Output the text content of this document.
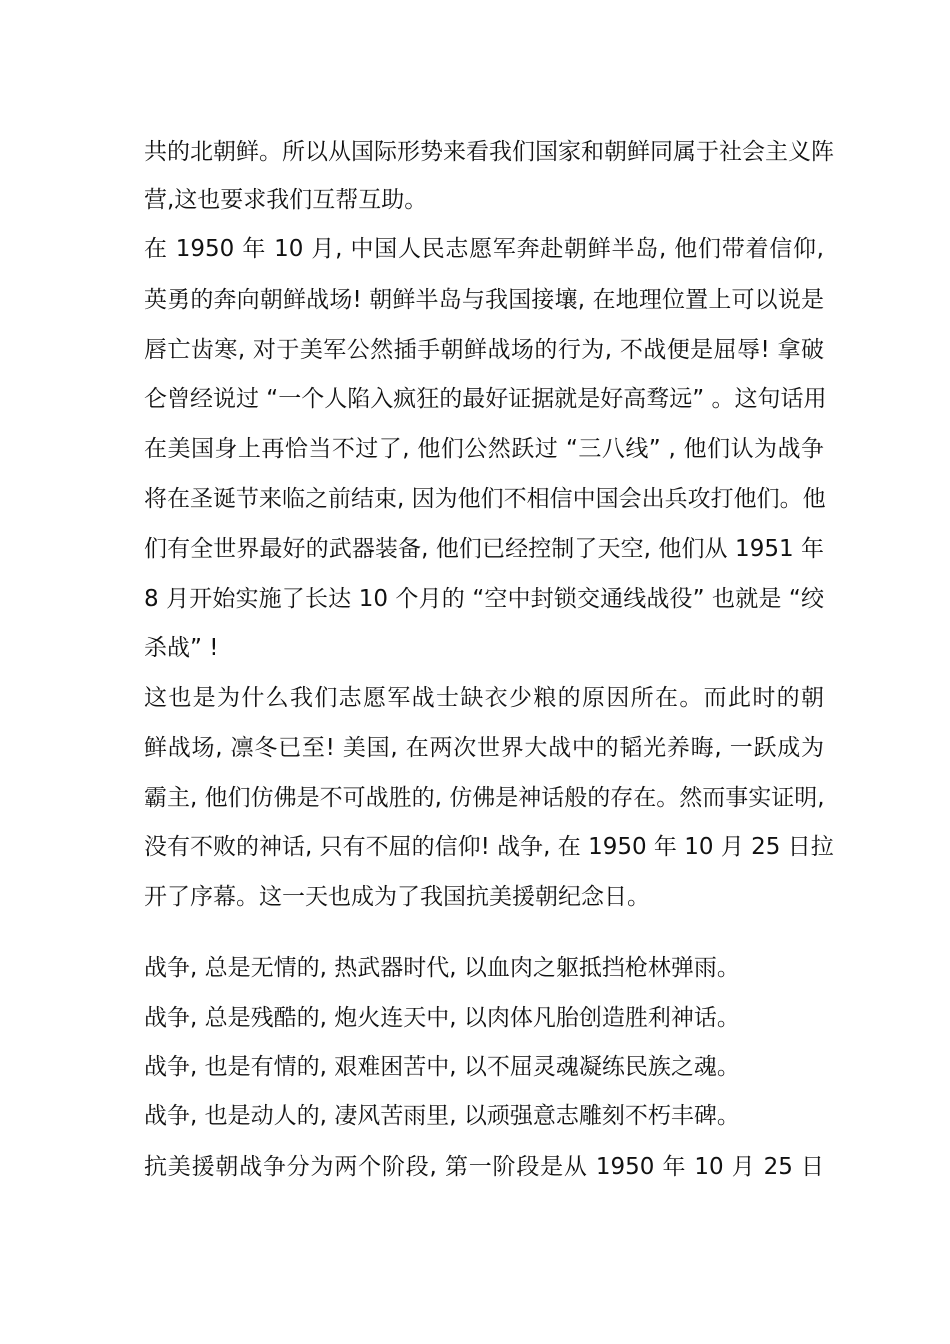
共的北朝鲜。所以从国际形势来看我们国家和朝鲜同属于社会主义阵
营,这也要求我们互帮互助。
在 1950 年 10 月, 中国人民志愿军奔赴朝鲜半岛, 他们带着信仰,
英勇的奔向朝鲜战场! 朝鲜半岛与我国接壤, 在地理位置上可以说是
唇亡齿寒, 对于美军公然插手朝鲜战场的行为, 不战便是屈辱! 拿破
仑曾经说过 “一个人陷入疯狂的最好证据就是好高骛远” 。这句话用
在美国身上再恰当不过了, 他们公然跃过 “三八线” , 他们认为战争
将在圣诞节来临之前结束, 因为他们不相信中国会出兵攻打他们。他
们有全世界最好的武器装备, 他们已经控制了天空, 他们从 1951 年
8 月开始实施了长达 10 个月的 “空中封锁交通线战役” 也就是 “绞
杀战” !
这也是为什么我们志愿军战士缺衣少粮的原因所在。而此时的朝
鲜战场, 凛冬已至! 美国, 在两次世界大战中的韬光养晦, 一跃成为
霸主, 他们仿佛是不可战胜的, 仿佛是神话般的存在。然而事实证明,
没有不败的神话, 只有不屈的信仰! 战争, 在 1950 年 10 月 25 日拉
开了序幕。这一天也成为了我国抗美援朝纪念日。
战争, 总是无情的, 热武器时代, 以血肉之躯抵挡枪林弹雨。
战争, 总是残酷的, 炮火连天中, 以肉体凡胎创造胜利神话。
战争, 也是有情的, 艰难困苦中, 以不屈灵魂凝练民族之魂。
战争, 也是动人的, 凄风苦雨里, 以顽强意志雕刻不朽丰碑。
抗美援朝战争分为两个阶段, 第一阶段是从 1950 年 10 月 25 日
